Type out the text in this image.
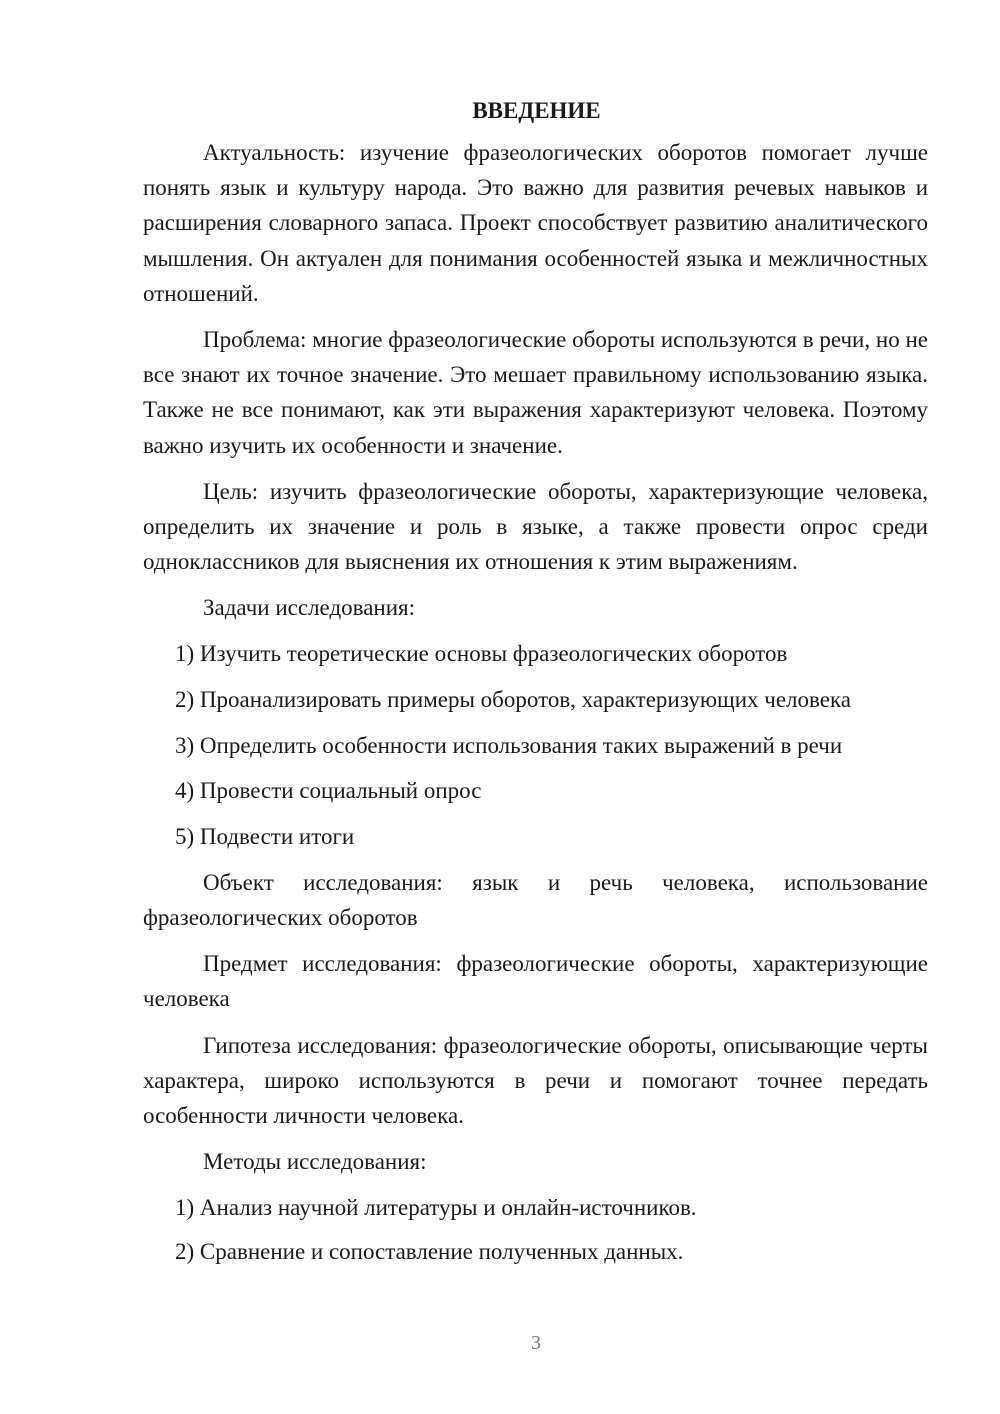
ВВЕДЕНИЕ

Актуальность: изучение фразеологических оборотов помогает лучше понять язык и культуру народа. Это важно для развития речевых навыков и расширения словарного запаса. Проект способствует развитию аналитического мышления. Он актуален для понимания особенностей языка и межличностных отношений.

Проблема: многие фразеологические обороты используются в речи, но не все знают их точное значение. Это мешает правильному использованию языка. Также не все понимают, как эти выражения характеризуют человека. Поэтому важно изучить их особенности и значение.

Цель: изучить фразеологические обороты, характеризующие человека, определить их значение и роль в языке, а также провести опрос среди одноклассников для выяснения их отношения к этим выражениям.

Задачи исследования:

1) Изучить теоретические основы фразеологических оборотов
2) Проанализировать примеры оборотов, характеризующих человека
3) Определить особенности использования таких выражений в речи
4) Провести социальный опрос
5) Подвести итоги

Объект исследования: язык и речь человека, использование фразеологических оборотов

Предмет исследования: фразеологические обороты, характеризующие человека

Гипотеза исследования: фразеологические обороты, описывающие черты характера, широко используются в речи и помогают точнее передать особенности личности человека.

Методы исследования:

1) Анализ научной литературы и онлайн-источников.
2) Сравнение и сопоставление полученных данных.
3
